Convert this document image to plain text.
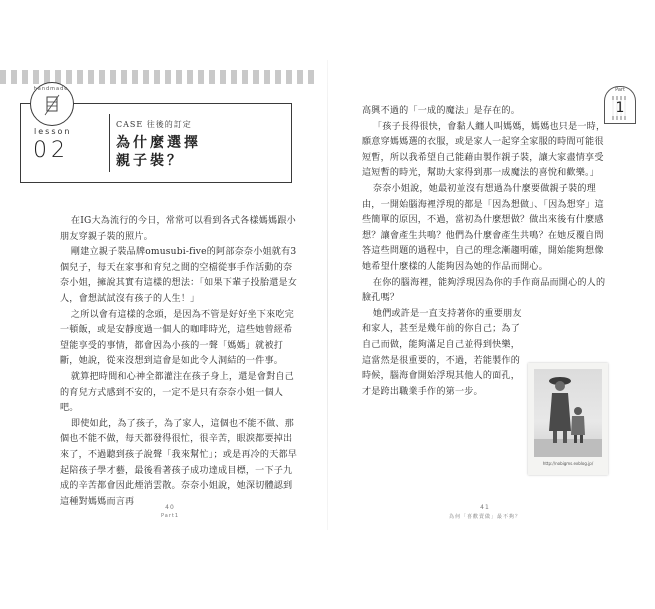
handmade
lesson
02
CASE 往後的訂定
為什麼選擇
親子裝？

在IG大為流行的今日，常常可以看到各式各樣媽媽跟小朋友穿親子裝的照片。

剛建立親子裝品牌omusubi-five的阿部奈奈小姐就有3個兒子，每天在家事和育兒之間的空檔從事手作活動的奈奈小姐，擁說其實有這樣的想法：「如果下輩子投胎還是女人，會想試試沒有孩子的人生！」

之所以會有這樣的念頭，是因為不管是好好坐下來吃完一頓飯，或是安靜度過一個人的咖啡時光，這些她曾經希望能享受的事情，都會因為小孩的一聲「媽媽」就被打斷，她說，從來沒想到這會是如此令人洞結的一件事。

就算把時間和心神全都灌注在孩子身上，還是會對自己的育兒方式感到不安的，一定不是只有奈奈小姐一個人吧。

即使如此，為了孩子，為了家人，這個也不能不做、那個也不能不做，每天都發得很忙，很辛苦，眼淚都要掉出來了，不過聽到孩子說聲「我來幫忙」；或是再冷的天都早起陪孩子學才藝，最後看著孩子成功達成目標，一下子九成的辛苦都會因此煙消雲散。奈奈小姐說，她深切體認到這種對媽媽而言再

40
Part1
Part
1

高興不過的「一成的魔法」是存在的。

「孩子長得很快，會黏人纏人叫媽媽，媽媽也只是一時，願意穿媽媽選的衣服，或是家人一起穿全家服的時間可能很短暫，所以我希望自己能藉由製作親子裝，讓大家盡情享受這短暫的時光，幫助大家得到那一成魔法的喜悅和歡樂。」

奈奈小姐說，她最初並沒有想過為什麼要做親子裝的理由，一開始腦海裡浮現的都是「因為想做」、「因為想穿」這些簡單的原因，不過，當初為什麼想做？做出來後有什麼感想？讓會產生共鳴？他們為什麼會產生共鳴？在她反覆自問答這些問題的過程中，自己的理念漸趨明確，開始能夠想像她希望什麼樣的人能夠因為她的作品而開心。

在你的腦海裡，能夠浮現因為你的手作商品而開心的人的臉孔嗎？

她們或許是一直支持著你的重要朋友和家人，甚至是幾年前的你自己；為了自己而做，能夠滿足自己並得到快樂，這當然是很重要的，不過，若能製作的時候，腦海會開始浮現其他人的面孔，才是跨出職業手作的第一步。

http://nobigms.exblog.jp/
41
為何「喜歡賣做」最不夠？
